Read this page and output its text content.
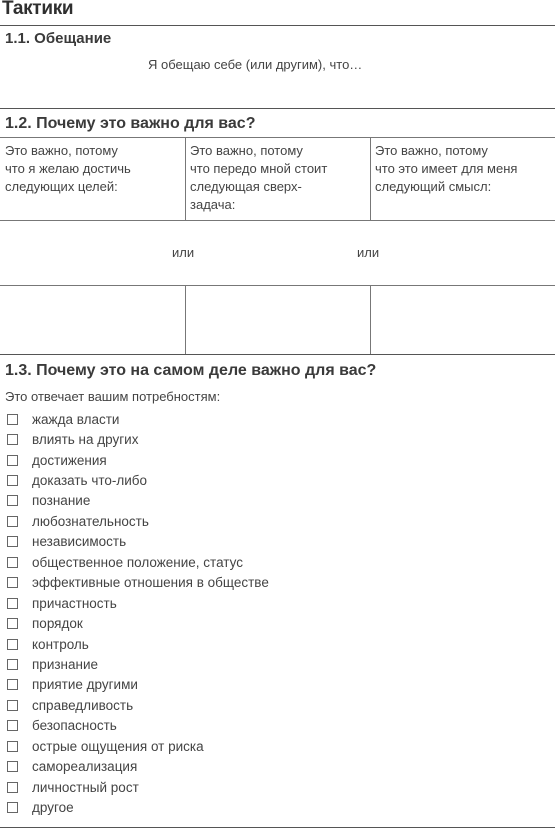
Тактики
1.1. Обещание
Я обещаю себе (или другим), что…
1.2. Почему это важно для вас?
Это важно, потому
что я желаю достичь
следующих целей:
Это важно, потому
что передо мной стоит
следующая сверх-
задача:
Это важно, потому
что это имеет для меня
следующий смысл:
или	или
1.3. Почему это на самом деле важно для вас?
Это отвечает вашим потребностям:
жажда власти
влиять на других
достижения
доказать что-либо
познание
любознательность
независимость
общественное положение, статус
эффективные отношения в обществе
причастность
порядок
контроль
признание
приятие другими
справедливость
безопасность
острые ощущения от риска
самореализация
личностный рост
другое
